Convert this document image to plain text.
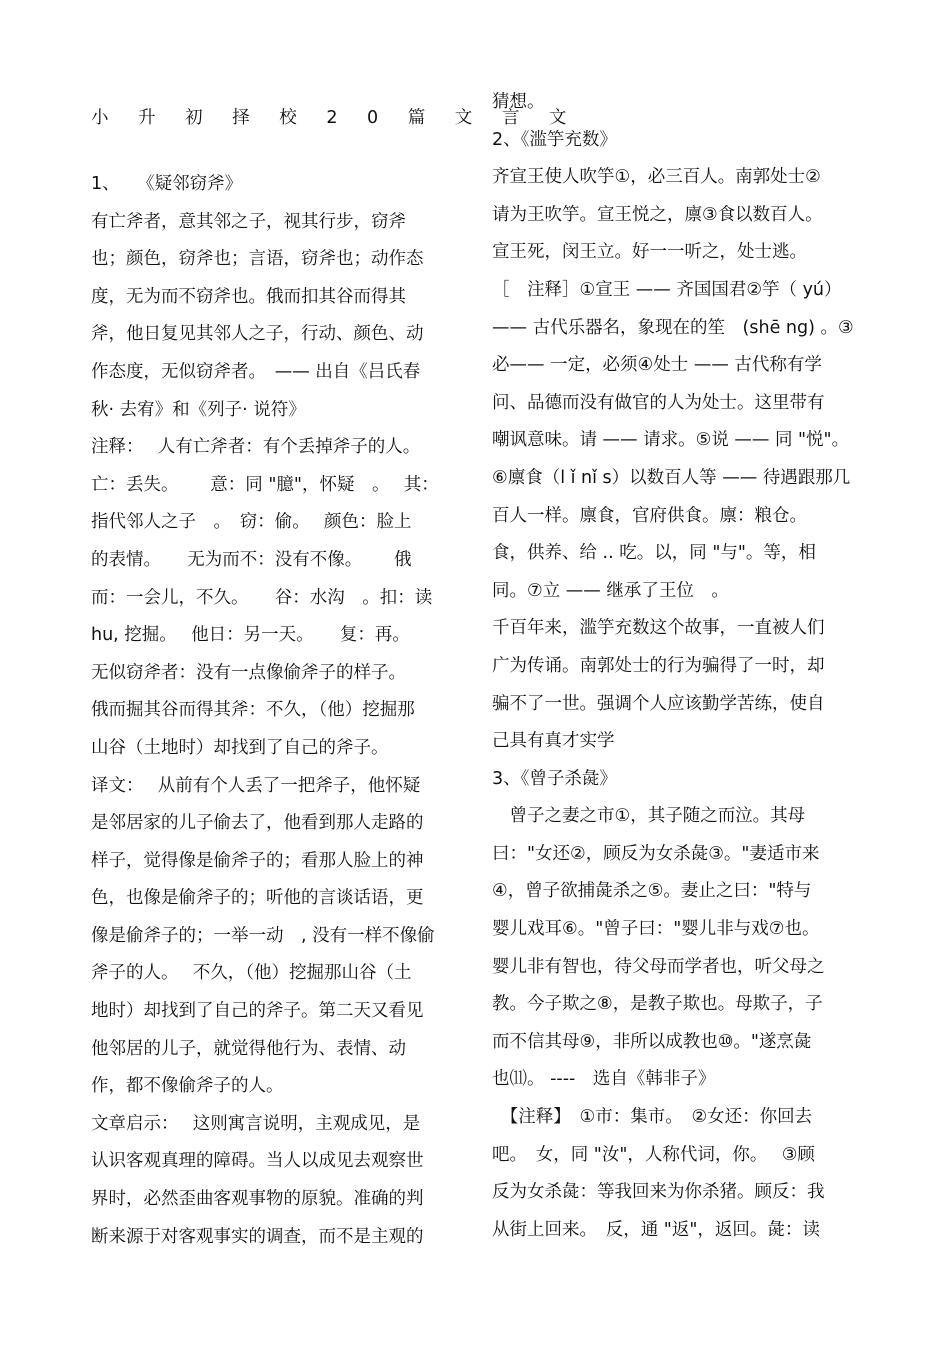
小 升 初 择 校 2 0 篇 文 言 文
1、　　《疑邻窃斧》
有亡斧者，意其邻之子，视其行步，窃斧
也；颜色，窃斧也；言语，窃斧也；动作态
度，无为而不窃斧也。俄而扣其谷而得其
斧，他日复见其邻人之子，行动、颜色、动
作态度，无似窃斧者。　—— 出自《吕氏春
秋· 去宥》和《列子· 说符》
注释：　 人有亡斧者：有个丢掉斧子的人。
亡：丢失。　　 意：同 "臆"，怀疑　。　 其：
指代邻人之子　。　窃：偷。　 颜色：脸上
的表情。　　无为而不：没有不像。　　 俄
而：一会儿，不久。　　谷：水沟　。扣：读
hu, 挖掘。　 他日：另一天。　　复：再。
无似窃斧者：没有一点像偷斧子的样子。
俄而掘其谷而得其斧：不久，（他）挖掘那
山谷（土地时）却找到了自己的斧子。
译文：　 从前有个人丢了一把斧子，他怀疑
是邻居家的儿子偷去了，他看到那人走路的
样子，觉得像是偷斧子的；看那人脸上的神
色，也像是偷斧子的；听他的言谈话语，更
像是偷斧子的；一举一动　, 没有一样不像偷
斧子的人。　 不久，（他）挖掘那山谷（土
地时）却找到了自己的斧子。第二天又看见
他邻居的儿子，就觉得他行为、表情、动
作，都不像偷斧子的人。
文章启示：　 这则寓言说明，主观成见，是
认识客观真理的障碍。当人以成见去观察世
界时，必然歪曲客观事物的原貌。准确的判
断来源于对客观事实的调查，而不是主观的
猜想。
2、《滥竽充数》
齐宣王使人吹竽①，必三百人。南郭处士②
请为王吹竽。宣王悦之，廪③食以数百人。
宣王死，闵王立。好一一听之，处士逃。
［　注释］①宣王 —— 齐国国君②竽（ yú）
—— 古代乐器名，象现在的笙　(shē ng) 。③
必—— 一定，必须④处士 —— 古代称有学
问、品德而没有做官的人为处士。这里带有
嘲讽意味。请 —— 请求。⑤说 —— 同 "悦"。
⑥廪食（l ǐ nǐ s）以数百人等 —— 待遇跟那几
百人一样。廪食，官府供食。廪：粮仓。
食，供养、给 .. 吃。以，同 "与"。等，相
同。⑦立 —— 继承了王位　。
千百年来，滥竽充数这个故事，一直被人们
广为传诵。南郭处士的行为骗得了一时，却
骗不了一世。强调个人应该勤学苦练，使自
己具有真才实学
3、《曾子杀彘》
　曾子之妻之市①，其子随之而泣。其母
曰："女还②，顾反为女杀彘③。"妻适市来
④，曾子欲捕彘杀之⑤。妻止之曰："特与
婴儿戏耳⑥。"曾子曰："婴儿非与戏⑦也。
婴儿非有智也，待父母而学者也，听父母之
教。今子欺之⑧，是教子欺也。母欺子，子
而不信其母⑨，非所以成教也⑩。"遂烹彘
也⑾。 ----　选自《韩非子》
　【注释】　①市：集市。　②女还：你回去
吧。　女，同 "汝"，人称代词，你。　 ③顾
反为女杀彘：等我回来为你杀猪。顾反：我
从街上回来。　反，通 "返"，返回。彘：读
